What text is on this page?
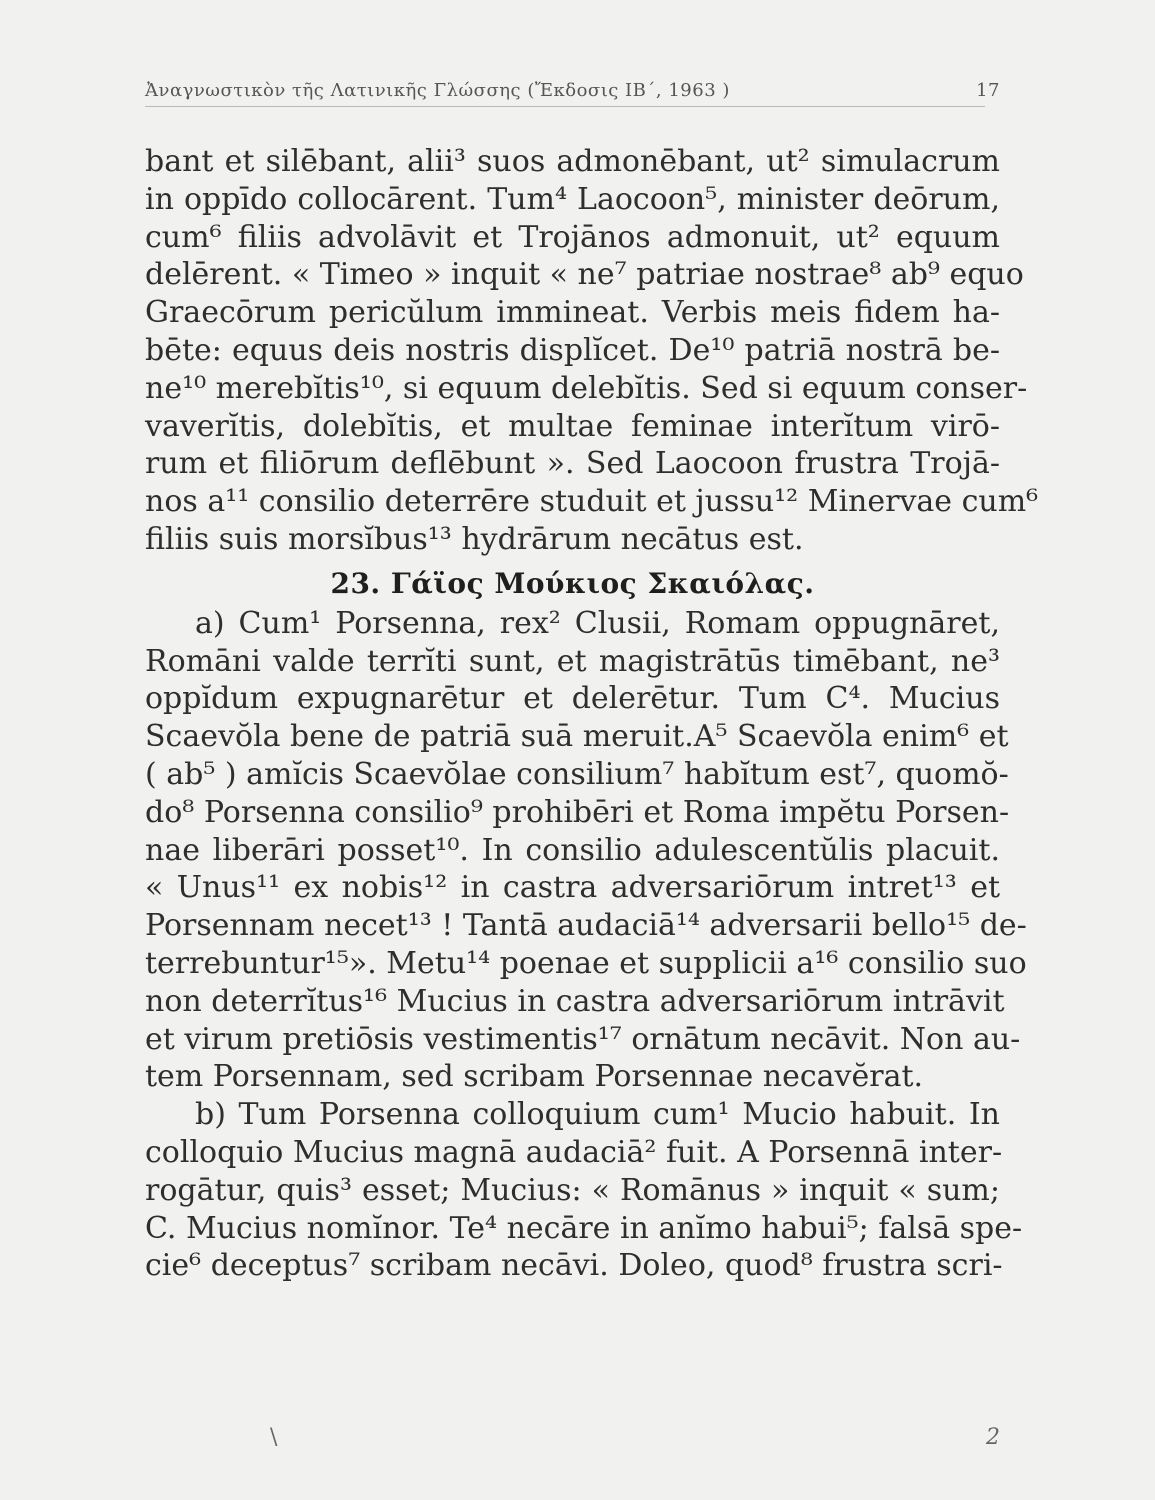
Ἀναγνωστικὸν τῆς Λατινικῆς Γλώσσης (Ἔκδοσις ΙΒ΄, 1963 )	17
bant et silēbant, alii³ suos admonēbant, ut² simulacrum
in oppīdo collocārent. Tum⁴ Laocoon⁵, minister deōrum,
cum⁶ filiis advolāvit et Trojānos admonuit, ut² equum
delērent. « Timeo » inquit « ne⁷ patriae nostrae⁸ ab⁹ equo
Graecōrum pericŭlum immineat. Verbis meis fidem ha-
bēte: equus deis nostris displĭcet. De¹⁰ patriā nostrā be-
ne¹⁰ merebĭtis¹⁰, si equum delebĭtis. Sed si equum conser-
vaverĭtis, dolebĭtis, et multae feminae interĭtum virō-
rum et filiōrum deflēbunt ». Sed Laocoon frustra Trojā-
nos a¹¹ consilio deterrēre studuit et jussu¹² Minervae cum⁶
filiis suis morsĭbus¹³ hydrārum necātus est.
23. Γάϊος Μούκιος Σκαιόλας.
a) Cum¹ Porsenna, rex² Clusii, Romam oppugnāret,
Romāni valde terrĭti sunt, et magistrātūs timēbant, ne³
oppĭdum expugnarētur et delerētur. Tum C⁴. Mucius
Scaevŏla bene de patriā suā meruit.A⁵ Scaevŏla enim⁶ et
( ab⁵ ) amĭcis Scaevŏlae consilium⁷ habĭtum est⁷, quomŏ-
do⁸ Porsenna consilio⁹ prohibēri et Roma impĕtu Porsen-
nae liberāri posset¹⁰. In consilio adulescentŭlis placuit.
« Unus¹¹ ex nobis¹² in castra adversariōrum intret¹³ et
Porsennam necet¹³ ! Tantā audaciā¹⁴ adversarii bello¹⁵ de-
terrebuntur¹⁵». Metu¹⁴ poenae et supplicii a¹⁶ consilio suo
non deterrĭtus¹⁶ Mucius in castra adversariōrum intrāvit
et virum pretiōsis vestimentis¹⁷ ornātum necāvit. Non au-
tem Porsennam, sed scribam Porsennae necavĕrat.
b) Tum Porsenna colloquium cum¹ Mucio habuit. In
colloquio Mucius magnā audaciā² fuit. A Porsennā inter-
rogātur, quis³ esset; Mucius: « Romānus » inquit « sum;
C. Mucius nomĭnor. Te⁴ necāre in anĭmo habui⁵; falsā spe-
cie⁶ deceptus⁷ scribam necāvi. Doleo, quod⁸ frustra scri-
\	2
